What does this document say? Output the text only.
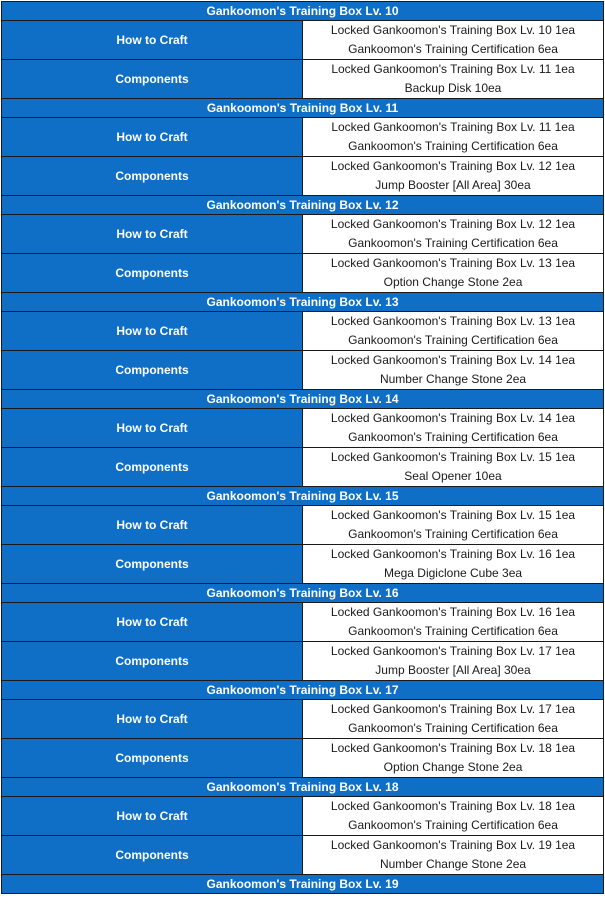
Gankoomon's Training Box Lv. 10	
How to Craft	Locked Gankoomon's Training Box Lv. 10 1ea
Gankoomon's Training Certification 6ea

Components	Locked Gankoomon's Training Box Lv. 11 1ea
Backup Disk 10ea

Gankoomon's Training Box Lv. 11	
How to Craft	Locked Gankoomon's Training Box Lv. 11 1ea
Gankoomon's Training Certification 6ea

Components	Locked Gankoomon's Training Box Lv. 12 1ea
Jump Booster [All Area] 30ea

Gankoomon's Training Box Lv. 12	
How to Craft	Locked Gankoomon's Training Box Lv. 12 1ea
Gankoomon's Training Certification 6ea

Components	Locked Gankoomon's Training Box Lv. 13 1ea
Option Change Stone 2ea

Gankoomon's Training Box Lv. 13	
How to Craft	Locked Gankoomon's Training Box Lv. 13 1ea
Gankoomon's Training Certification 6ea

Components	Locked Gankoomon's Training Box Lv. 14 1ea
Number Change Stone 2ea

Gankoomon's Training Box Lv. 14	
How to Craft	Locked Gankoomon's Training Box Lv. 14 1ea
Gankoomon's Training Certification 6ea

Components	Locked Gankoomon's Training Box Lv. 15 1ea
Seal Opener 10ea

Gankoomon's Training Box Lv. 15	
How to Craft	Locked Gankoomon's Training Box Lv. 15 1ea
Gankoomon's Training Certification 6ea

Components	Locked Gankoomon's Training Box Lv. 16 1ea
Mega Digiclone Cube 3ea

Gankoomon's Training Box Lv. 16	
How to Craft	Locked Gankoomon's Training Box Lv. 16 1ea
Gankoomon's Training Certification 6ea

Components	Locked Gankoomon's Training Box Lv. 17 1ea
Jump Booster [All Area] 30ea

Gankoomon's Training Box Lv. 17	
How to Craft	Locked Gankoomon's Training Box Lv. 17 1ea
Gankoomon's Training Certification 6ea

Components	Locked Gankoomon's Training Box Lv. 18 1ea
Option Change Stone 2ea

Gankoomon's Training Box Lv. 18	
How to Craft	Locked Gankoomon's Training Box Lv. 18 1ea
Gankoomon's Training Certification 6ea

Components	Locked Gankoomon's Training Box Lv. 19 1ea
Number Change Stone 2ea

Gankoomon's Training Box Lv. 19	
